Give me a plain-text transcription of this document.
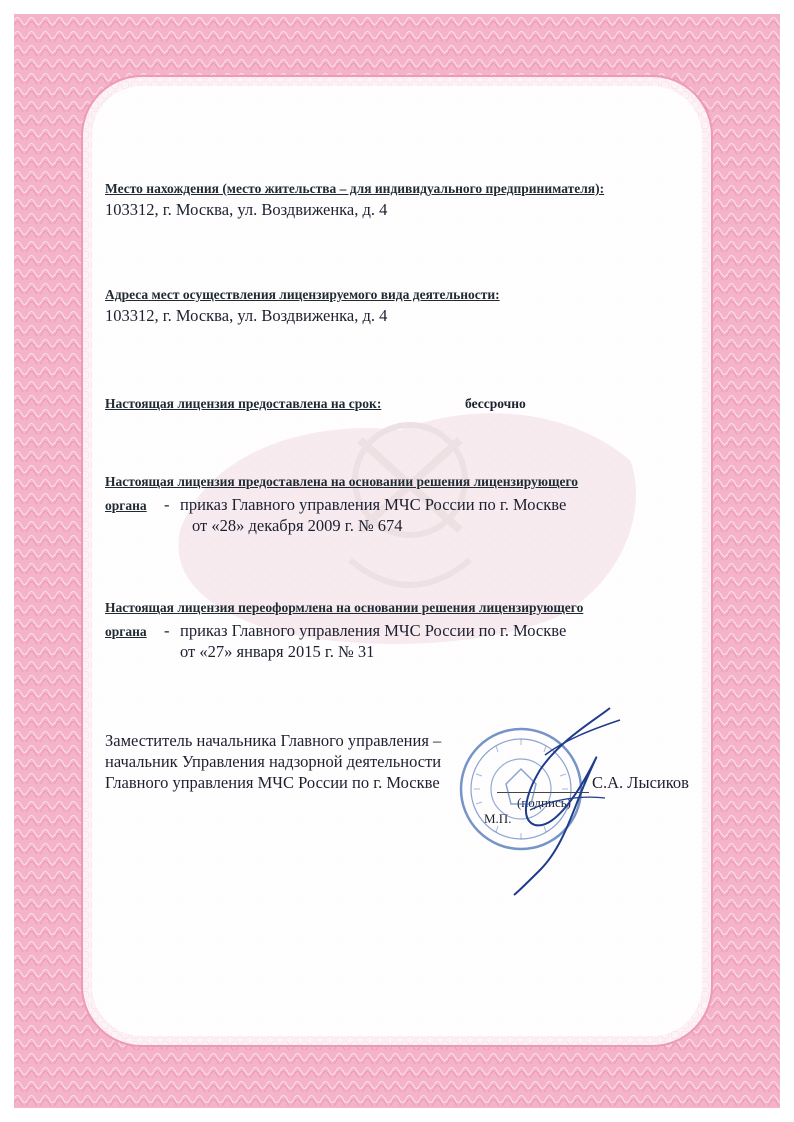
Место нахождения (место жительства – для индивидуального предпринимателя):
103312, г. Москва, ул. Воздвиженка, д. 4
Адреса мест осуществления лицензируемого вида деятельности:
103312, г. Москва, ул. Воздвиженка, д. 4
Настоящая лицензия предоставлена на срок:	бессрочно
Настоящая лицензия предоставлена на основании решения лицензирующего
органа - приказ Главного управления МЧС России по г. Москве
от «28» декабря 2009 г. № 674
Настоящая лицензия переоформлена на основании решения лицензирующего
органа - приказ Главного управления МЧС России по г. Москве
от «27» января 2015 г. № 31
Заместитель начальника Главного управления –
начальник Управления надзорной деятельности
Главного управления МЧС России по г. Москве	С.А. Лысиков
(подпись)
М.П.
